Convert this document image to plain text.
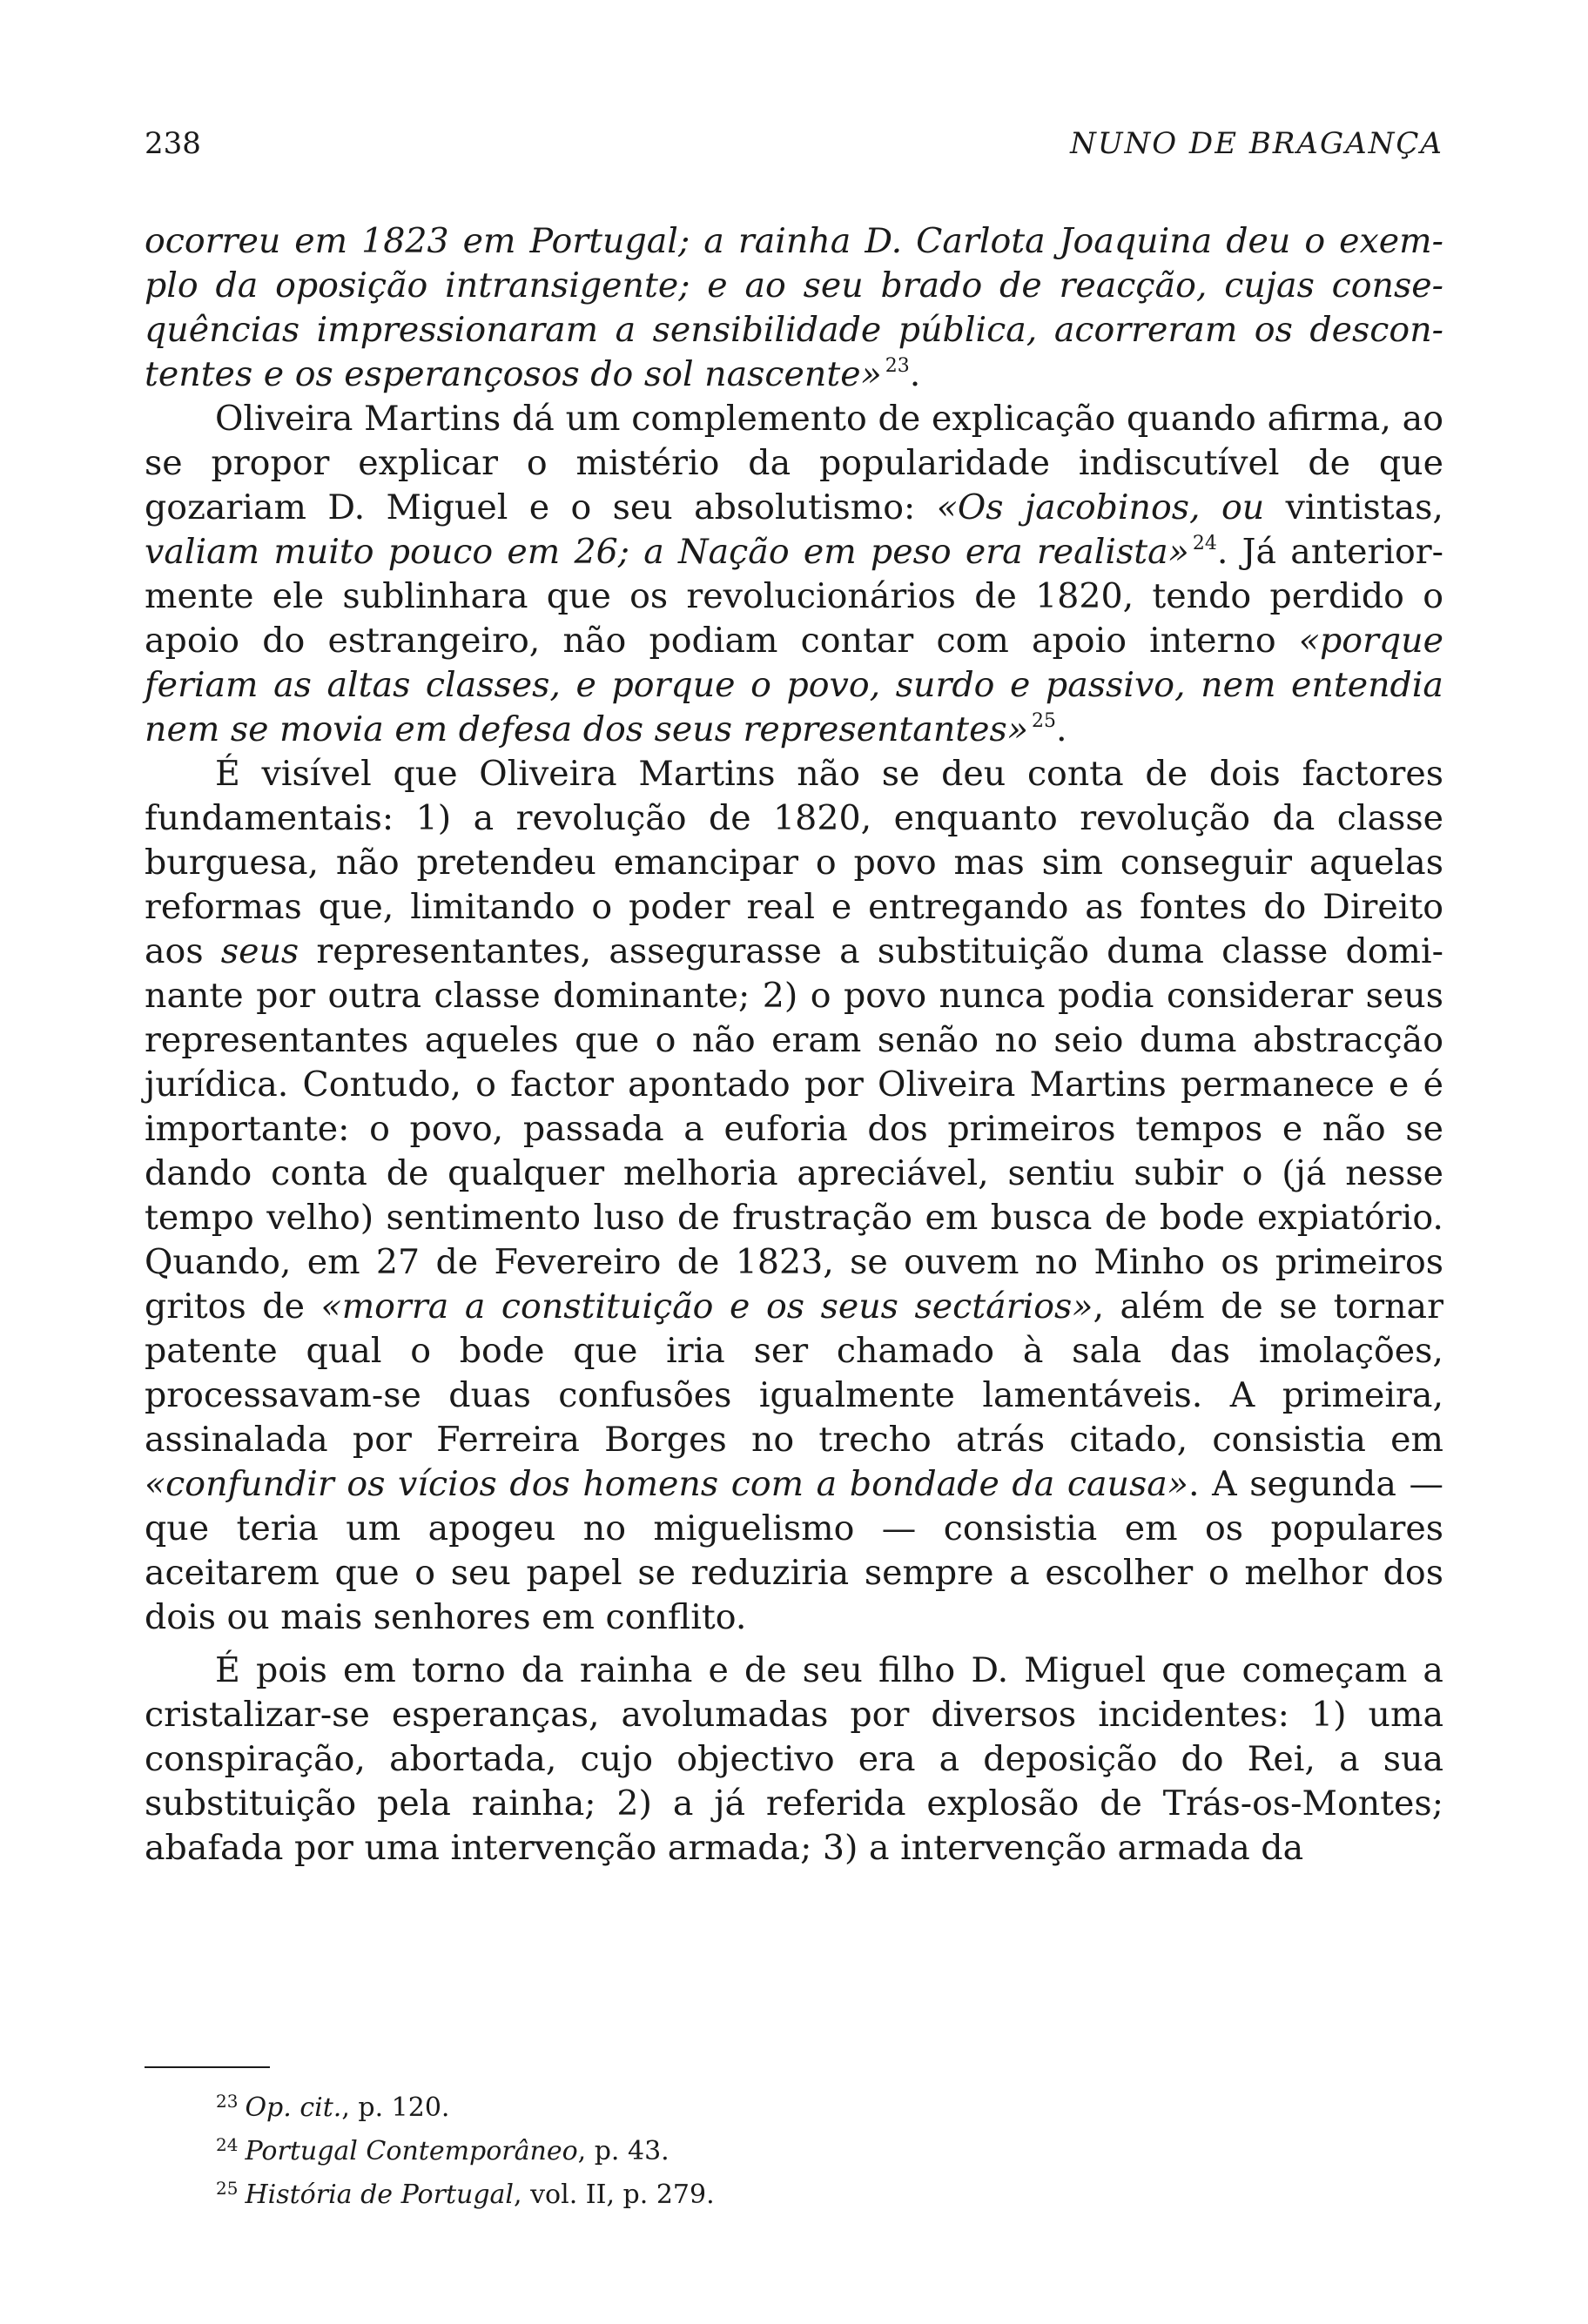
238	NUNO DE BRAGANÇA

ocorreu em 1823 em Portugal; a rainha D. Carlota Joaquina deu o exemplo da oposição intransigente; e ao seu brado de reacção, cujas consequências impressionaram a sensibilidade pública, acorreram os descontentes e os esperançosos do sol nascente» $^{23}$.

Oliveira Martins dá um complemento de explicação quando afirma, ao se propor explicar o mistério da popularidade indiscutível de que gozariam D. Miguel e o seu absolutismo: «Os jacobinos, ou vintistas, valiam muito pouco em 26; a Nação em peso era realista» $^{24}$. Já anteriormente ele sublinhara que os revolucionários de 1820, tendo perdido o apoio do estrangeiro, não podiam contar com apoio interno «porque feriam as altas classes, e porque o povo, surdo e passivo, nem entendia nem se movia em defesa dos seus representantes» $^{25}$.

É visível que Oliveira Martins não se deu conta de dois factores fundamentais: 1) a revolução de 1820, enquanto revolução da classe burguesa, não pretendeu emancipar o povo mas sim conseguir aquelas reformas que, limitando o poder real e entregando as fontes do Direito aos seus representantes, assegurasse a substituição duma classe dominante por outra classe dominante; 2) o povo nunca podia considerar seus representantes aqueles que o não eram senão no seio duma abstracção jurídica. Contudo, o factor apontado por Oliveira Martins permanece e é importante: o povo, passada a euforia dos primeiros tempos e não se dando conta de qualquer melhoria apreciável, sentiu subir o (já nesse tempo velho) sentimento luso de frustração em busca de bode expiatório. Quando, em 27 de Fevereiro de 1823, se ouvem no Minho os primeiros gritos de «morra a constituição e os seus sectários», além de se tornar patente qual o bode que iria ser chamado à sala das imolações, processavam-se duas confusões igualmente lamentáveis. A primeira, assinalada por Ferreira Borges no trecho atrás citado, consistia em «confundir os vícios dos homens com a bondade da causa». A segunda — que teria um apogeu no miguelismo — consistia em os populares aceitarem que o seu papel se reduziria sempre a escolher o melhor dos dois ou mais senhores em conflito.

É pois em torno da rainha e de seu filho D. Miguel que começam a cristalizar-se esperanças, avolumadas por diversos incidentes: 1) uma conspiração, abortada, cujo objectivo era a deposição do Rei, a sua substituição pela rainha; 2) a já referida explosão de Trás-os-Montes; abafada por uma intervenção armada; 3) a intervenção armada da

$^{23}$ Op. cit., p. 120.
$^{24}$ Portugal Contemporâneo, p. 43.
$^{25}$ História de Portugal, vol. II, p. 279.
